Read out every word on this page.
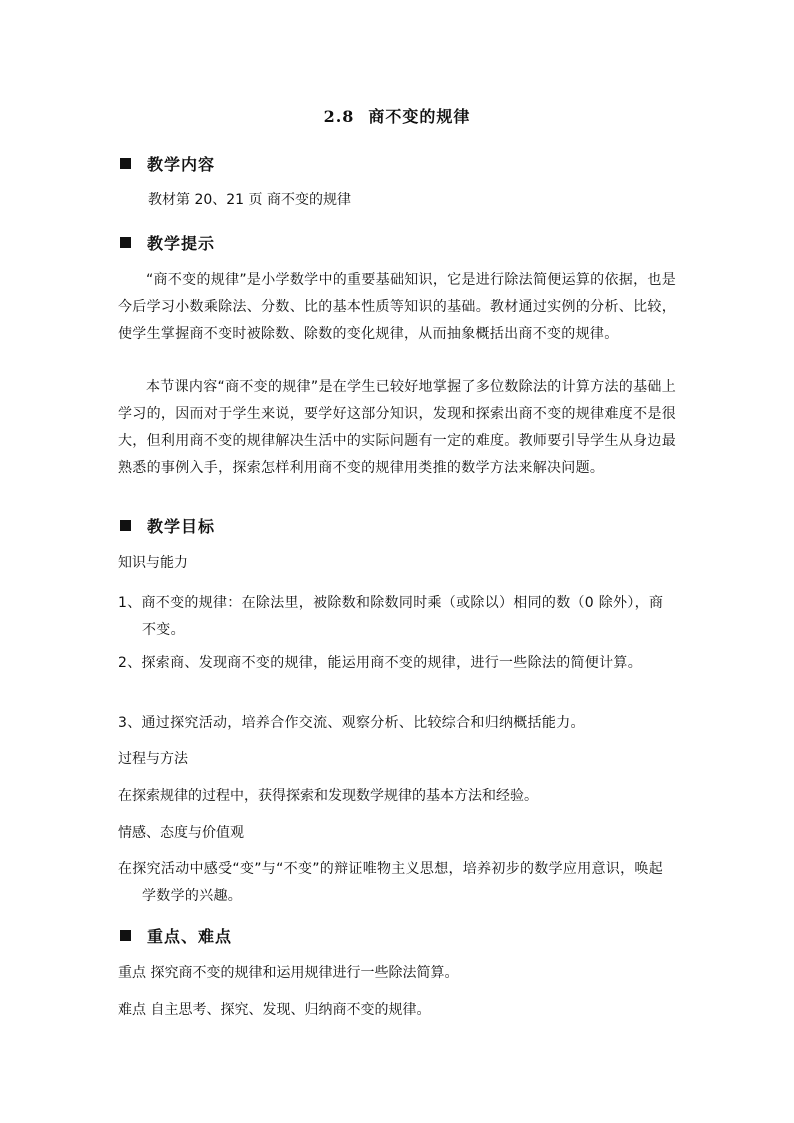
2.8 商不变的规律
教学内容
教材第 20、21 页 商不变的规律
教学提示
“商不变的规律”是小学数学中的重要基础知识，它是进行除法简便运算的依据，也是今后学习小数乘除法、分数、比的基本性质等知识的基础。教材通过实例的分析、比较，使学生掌握商不变时被除数、除数的变化规律，从而抽象概括出商不变的规律。
本节课内容“商不变的规律”是在学生已较好地掌握了多位数除法的计算方法的基础上学习的，因而对于学生来说，要学好这部分知识，发现和探索出商不变的规律难度不是很大，但利用商不变的规律解决生活中的实际问题有一定的难度。教师要引导学生从身边最熟悉的事例入手，探索怎样利用商不变的规律用类推的数学方法来解决问题。
教学目标
知识与能力
1、商不变的规律：在除法里，被除数和除数同时乘（或除以）相同的数（0 除外），商不变。
2、探索商、发现商不变的规律，能运用商不变的规律，进行一些除法的简便计算。
3、通过探究活动，培养合作交流、观察分析、比较综合和归纳概括能力。
过程与方法
在探索规律的过程中，获得探索和发现数学规律的基本方法和经验。
情感、态度与价值观
在探究活动中感受“变”与“不变”的辩证唯物主义思想，培养初步的数学应用意识，唤起学数学的兴趣。
重点、难点
重点 探究商不变的规律和运用规律进行一些除法简算。
难点 自主思考、探究、发现、归纳商不变的规律。
